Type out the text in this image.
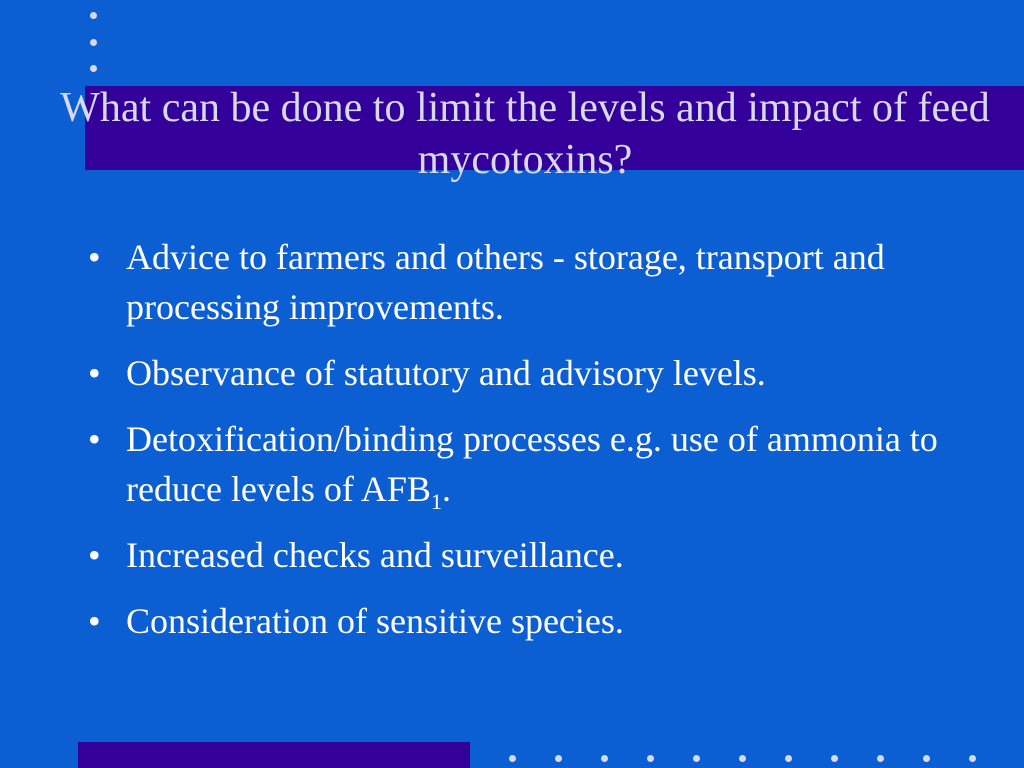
What can be done to limit the levels and impact of feed mycotoxins?
• Advice to farmers and others - storage, transport and processing improvements.
• Observance of statutory and advisory levels.
• Detoxification/binding processes e.g. use of ammonia to reduce levels of $AFB_1$.
• Increased checks and surveillance.
• Consideration of sensitive species.
